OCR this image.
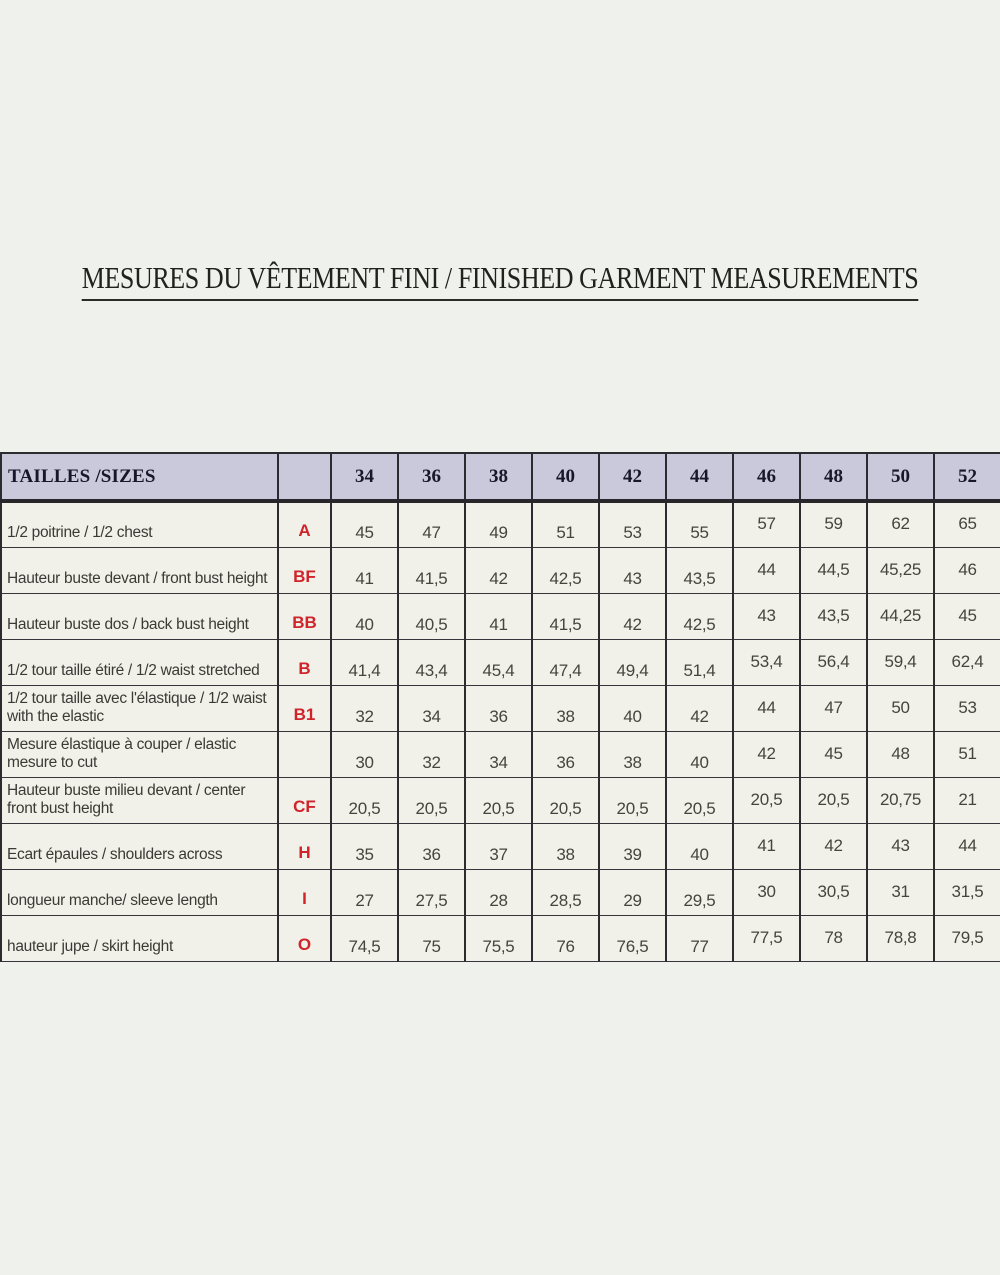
MESURES DU VÊTEMENT FINI / FINISHED GARMENT MEASUREMENTS
TAILLES /SIZES		34	36	38	40	42	44	46	48	50	52
1/2 poitrine / 1/2 chest	A	45	47	49	51	53	55	57	59	62	65
Hauteur buste devant / front bust height	BF	41	41,5	42	42,5	43	43,5	44	44,5	45,25	46
Hauteur buste dos / back bust height	BB	40	40,5	41	41,5	42	42,5	43	43,5	44,25	45
1/2 tour taille étiré / 1/2 waist stretched	B	41,4	43,4	45,4	47,4	49,4	51,4	53,4	56,4	59,4	62,4
1/2 tour taille avec l'élastique / 1/2 waist with the elastic	B1	32	34	36	38	40	42	44	47	50	53
Mesure élastique à couper / elastic mesure to cut		30	32	34	36	38	40	42	45	48	51
Hauteur buste milieu devant / center front bust height	CF	20,5	20,5	20,5	20,5	20,5	20,5	20,5	20,5	20,75	21
Ecart épaules / shoulders across	H	35	36	37	38	39	40	41	42	43	44
longueur manche/ sleeve length	I	27	27,5	28	28,5	29	29,5	30	30,5	31	31,5
hauteur jupe / skirt height	O	74,5	75	75,5	76	76,5	77	77,5	78	78,8	79,5
